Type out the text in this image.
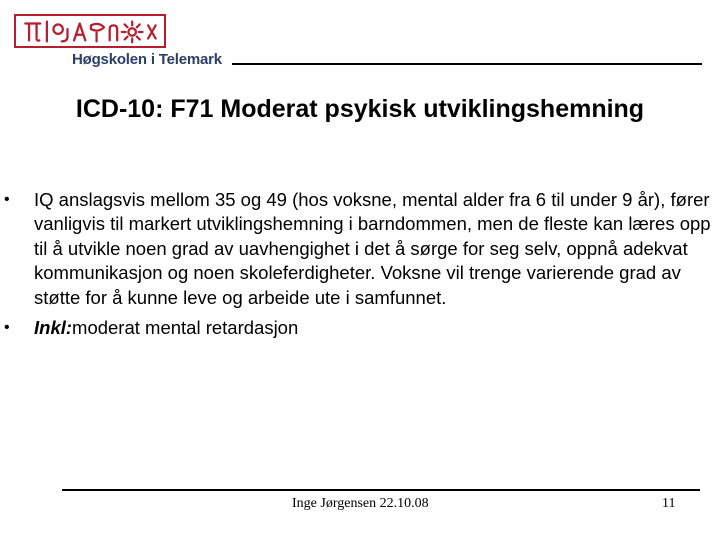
Høgskolen i Telemark
ICD-10: F71 Moderat psykisk utviklingshemning
• IQ anslagsvis mellom 35 og 49 (hos voksne, mental alder fra 6 til under 9 år), fører vanligvis til markert utviklingshemning i barndommen, men de fleste kan læres opp til å utvikle noen grad av uavhengighet i det å sørge for seg selv, oppnå adekvat kommunikasjon og noen skoleferdigheter. Voksne vil trenge varierende grad av støtte for å kunne leve og arbeide ute i samfunnet.
• Inkl:moderat mental retardasjon
Inge Jørgensen 22.10.08	11
